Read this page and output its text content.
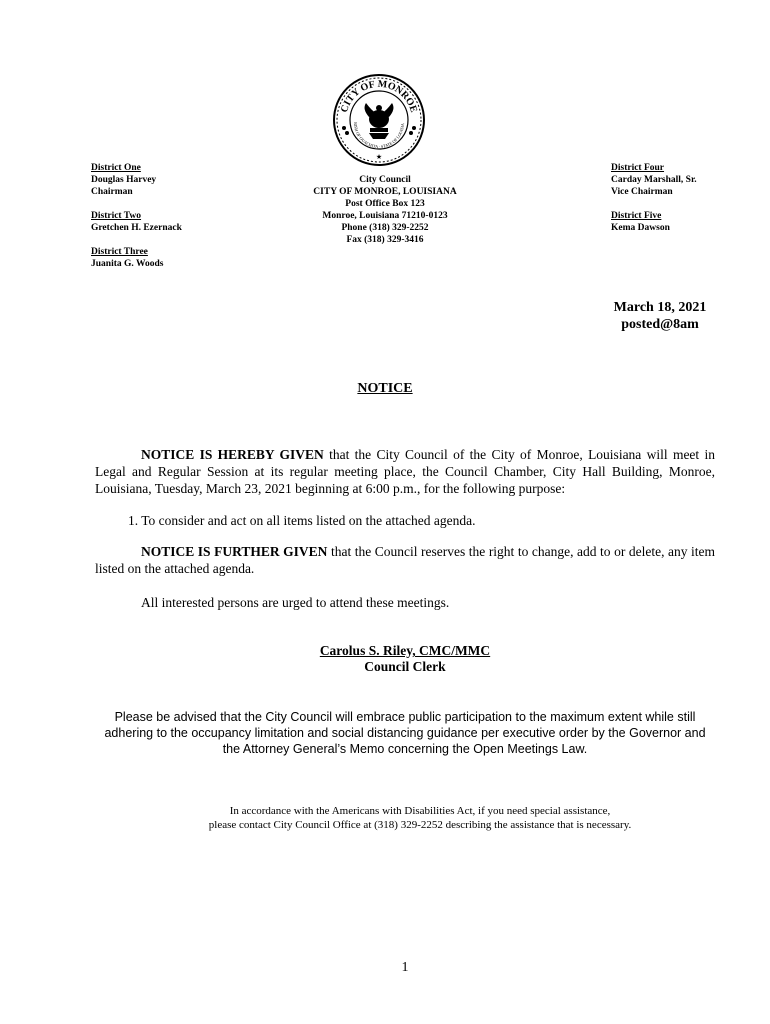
CITY OF MONROE
RISH OF OUACHITA · STATE OF LOUISIA
★
District One
Douglas Harvey
Chairman
District Two
Gretchen H. Ezernack
District Three
Juanita G. Woods
City Council
CITY OF MONROE, LOUISIANA
Post Office Box 123
Monroe, Louisiana 71210-0123
Phone (318) 329-2252
Fax (318) 329-3416
District Four
Carday Marshall, Sr.
Vice Chairman
District Five
Kema Dawson
March 18, 2021
posted@8am
NOTICE
NOTICE IS HEREBY GIVEN that the City Council of the City of Monroe, Louisiana will meet in Legal and Regular Session at its regular meeting place, the Council Chamber, City Hall Building, Monroe, Louisiana, Tuesday, March 23, 2021 beginning at 6:00 p.m., for the following purpose:
1. To consider and act on all items listed on the attached agenda.
NOTICE IS FURTHER GIVEN that the Council reserves the right to change, add to or delete, any item listed on the attached agenda.
All interested persons are urged to attend these meetings.
Carolus S. Riley, CMC/MMC
Council Clerk
Please be advised that the City Council will embrace public participation to the maximum extent while still adhering to the occupancy limitation and social distancing guidance per executive order by the Governor and the Attorney General’s Memo concerning the Open Meetings Law.
In accordance with the Americans with Disabilities Act, if you need special assistance,
please contact City Council Office at (318) 329-2252 describing the assistance that is necessary.
1
